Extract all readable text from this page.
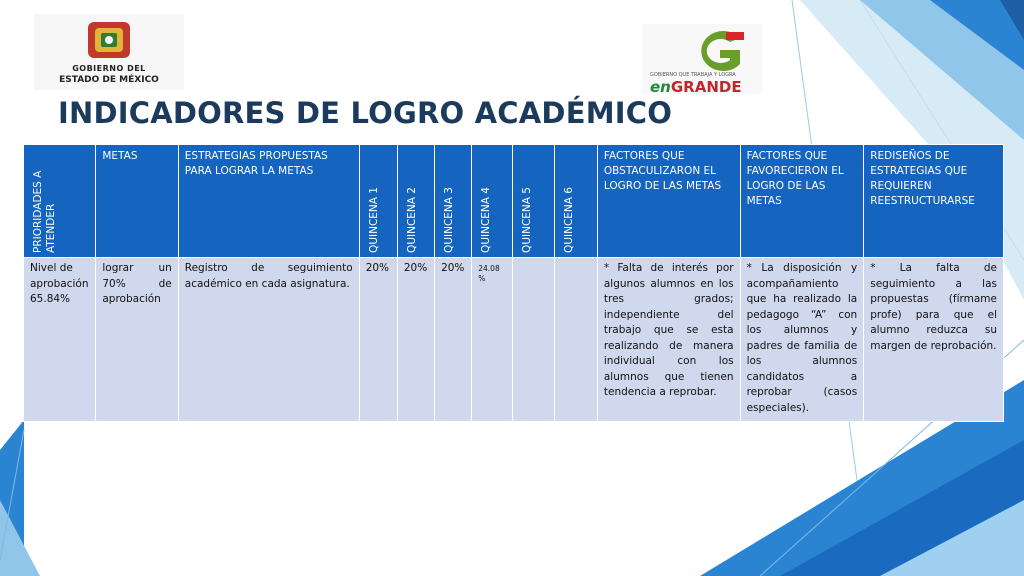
GOBIERNO DEL
ESTADO DE MÉXICO	GOBIERNO QUE TRABAJA Y LOGRA
enGRANDE
INDICADORES DE LOGRO ACADÉMICO
PRIORIDADES A ATENDER	METAS	ESTRATEGIAS PROPUESTAS PARA LOGRAR LA METAS	QUINCENA 1	QUINCENA 2	QUINCENA 3	QUINCENA 4	QUINCENA 5	QUINCENA 6	FACTORES QUE OBSTACULIZARON EL LOGRO DE LAS METAS	FACTORES QUE FAVORECIERON EL LOGRO DE LAS METAS	REDISEÑOS DE ESTRATEGIAS QUE REQUIEREN REESTRUCTURARSE
Nivel de aprobación 65.84%	lograr un 70% de aprobación	Registro de seguimiento académico en cada asignatura.	20%	20%	20%	24.08 %			* Falta de interés por algunos alumnos en los tres grados; independiente del trabajo que se esta realizando de manera individual con los alumnos que tienen tendencia a reprobar.	* La disposición y acompañamiento que ha realizado la pedagogo “A” con los alumnos y padres de familia de los alumnos candidatos a reprobar (casos especiales).	* La falta de seguimiento a las propuestas (fírmame profe) para que el alumno reduzca su margen de reprobación.
